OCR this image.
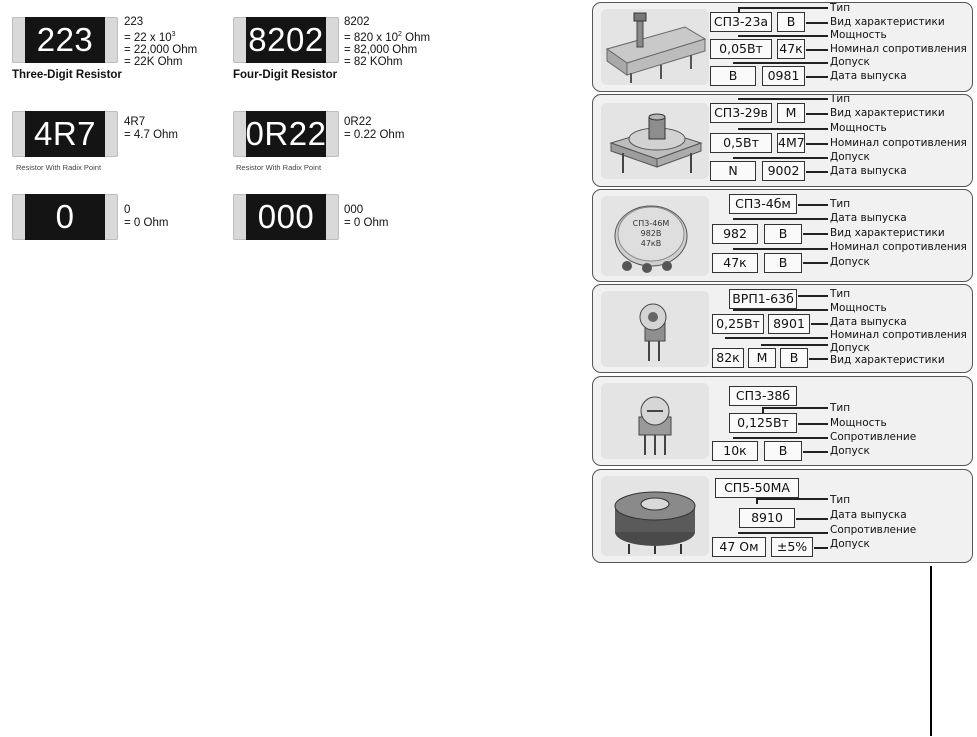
223	223
= 22 x $10^3$
= 22,000 Ohm
= 22K Ohm
Three-Digit Resistor
8202	8202
= 820 x $10^2$ Ohm
= 82,000 Ohm
= 82 KOhm
Four-Digit Resistor
4R7	4R7
= 4.7 Ohm
Resistor With Radix Point
0R22	0R22
= 0.22 Ohm
Resistor With Radix Point
0	0
= 0 Ohm	000	000
= 0 Ohm
СП3-23а	В
0,05Вт	47к
В	0981
Тип
Вид характеристики
Мощность
Номинал сопротивления
Допуск
Дата выпуска
СП3-29в	М
0,5Вт	4М7
N	9002
Тип
Вид характеристики
Мощность
Номинал сопротивления
Допуск
Дата выпуска
СП3-46М
982В
47кВ
СП3-4бм
982	В
47к	В
Тип
Дата выпуска
Вид характеристики
Номинал сопротивления
Допуск
ВРП1-63б
0,25Вт	8901
82к	М	В
Тип
Мощность
Дата выпуска
Номинал сопротивления
Допуск
Вид характеристики
СП3-38б
0,125Вт
10к	В
Тип
Мощность
Сопротивление
Допуск
СП5-50МА
8910
47 Ом	±5%
Тип
Дата выпуска
Сопротивление
Допуск
